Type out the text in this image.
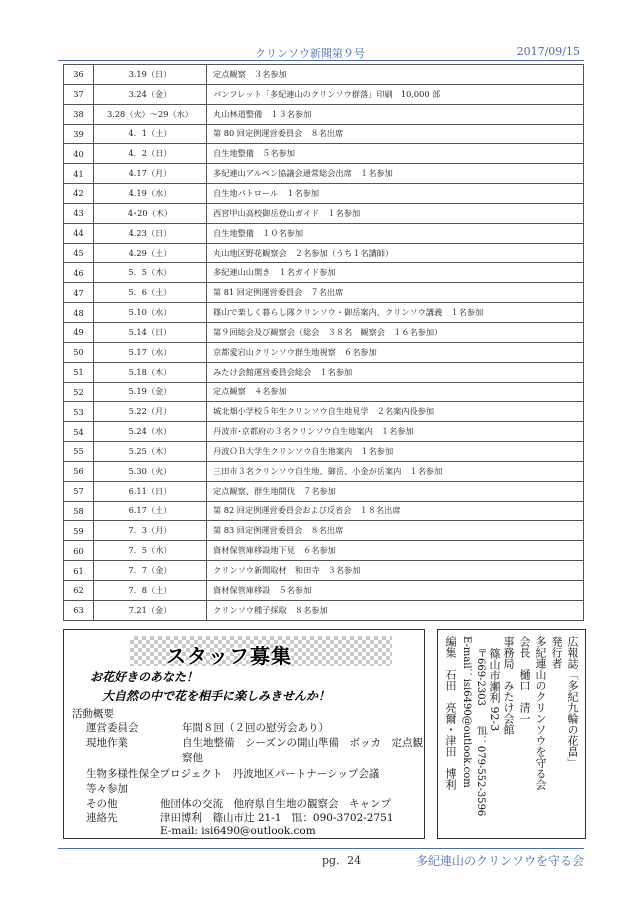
クリンソウ新聞第９号	2017/09/15
36	3.19（日）	定点観察　３名参加
37	3.24（金）	パンフレット「多紀連山のクリンソウ群落」印刷　10,000 部
38	3.28（火）〜29（水）	丸山林道整備　１３名参加
39	4．1（土）	第 80 回定例運営委員会　８名出席
40	4．2（日）	自生地整備　５名参加
41	4.17（月）	多紀連山アルペン協議会通常総会出席　１名参加
42	4.19（水）	自生地パトロール　１名参加
43	4･20（木）	西宮甲山高校御岳登山ガイド　１名参加
44	4.23（日）	自生地整備　１０名参加
45	4.29（土）	丸山地区野花観察会　２名参加（うち１名講師）
46	5．5（木）	多紀連山山開き　１名ガイド参加
47	5．6（土）	第 81 回定例運営委員会　７名出席
48	5.10（水）	篠山で楽しく暮らし隊クリンソウ・御岳案内、クリンソウ講義　１名参加
49	5.14（日）	第９回総会及び観察会（総会　３８名　観察会　１６名参加）
50	5.17（水）	京都愛宕山クリンソウ群生地視察　６名参加
51	5.18（木）	みたけ会館運営委員会総会　１名参加
52	5.19（金）	定点観察　４名参加
53	5.22（月）	城北畑小学校５年生クリンソウ自生地見学　２名案内役参加
54	5.24（水）	丹波市･京都府の３名クリンソウ自生地案内　１名参加
55	5.25（木）	丹波ＯＢ大学生クリンソウ自生地案内　１名参加
56	5.30（火）	三田市３名クリンソウ自生地、御岳、小金が岳案内　１名参加
57	6.11（日）	定点観察、群生地間伐　７名参加
58	6.17（土）	第 82 回定例運営委員会および反省会　１８名出席
59	7．3（月）	第 83 回定例運営委員会　８名出席
60	7．5（水）	資材保管庫移設地下見　６名参加
61	7．7（金）	クリンソウ新聞取材　和田寺　３名参加
62	7．8（土）	資材保管庫移設　５名参加
63	7.21（金）	クリンソウ種子採取　８名参加
スタッフ募集
お花好きのあなた！
大自然の中で花を相手に楽しみきせんか！
活動概要
運営委員会	年間８回（２回の慰労会あり）
現地作業	自生地整備　シーズンの開山準備　ボッカ　定点観
察他
生物多様性保全プロジェクト　丹波地区パートナーシップ会議
等々参加
その他	他団体の交流　他府県自生地の観察会　キャンプ
連絡先	津田博利　篠山市辻 21-1　℡：090-3702-2751
E-mail: isi6490@outlook.com
広報誌「多紀九輪の花畠」
発行者
多紀連山のクリンソウを守る会
会長　樋口　清一
事務局　みたけ会館
篠山市瀬利 92-3
〒669-2303　　℡：079-552-3596
E-mail：isi6490@outlook.com
編集　石田　亮爾・津田　博利
pg．24	多紀連山のクリンソウを守る会
